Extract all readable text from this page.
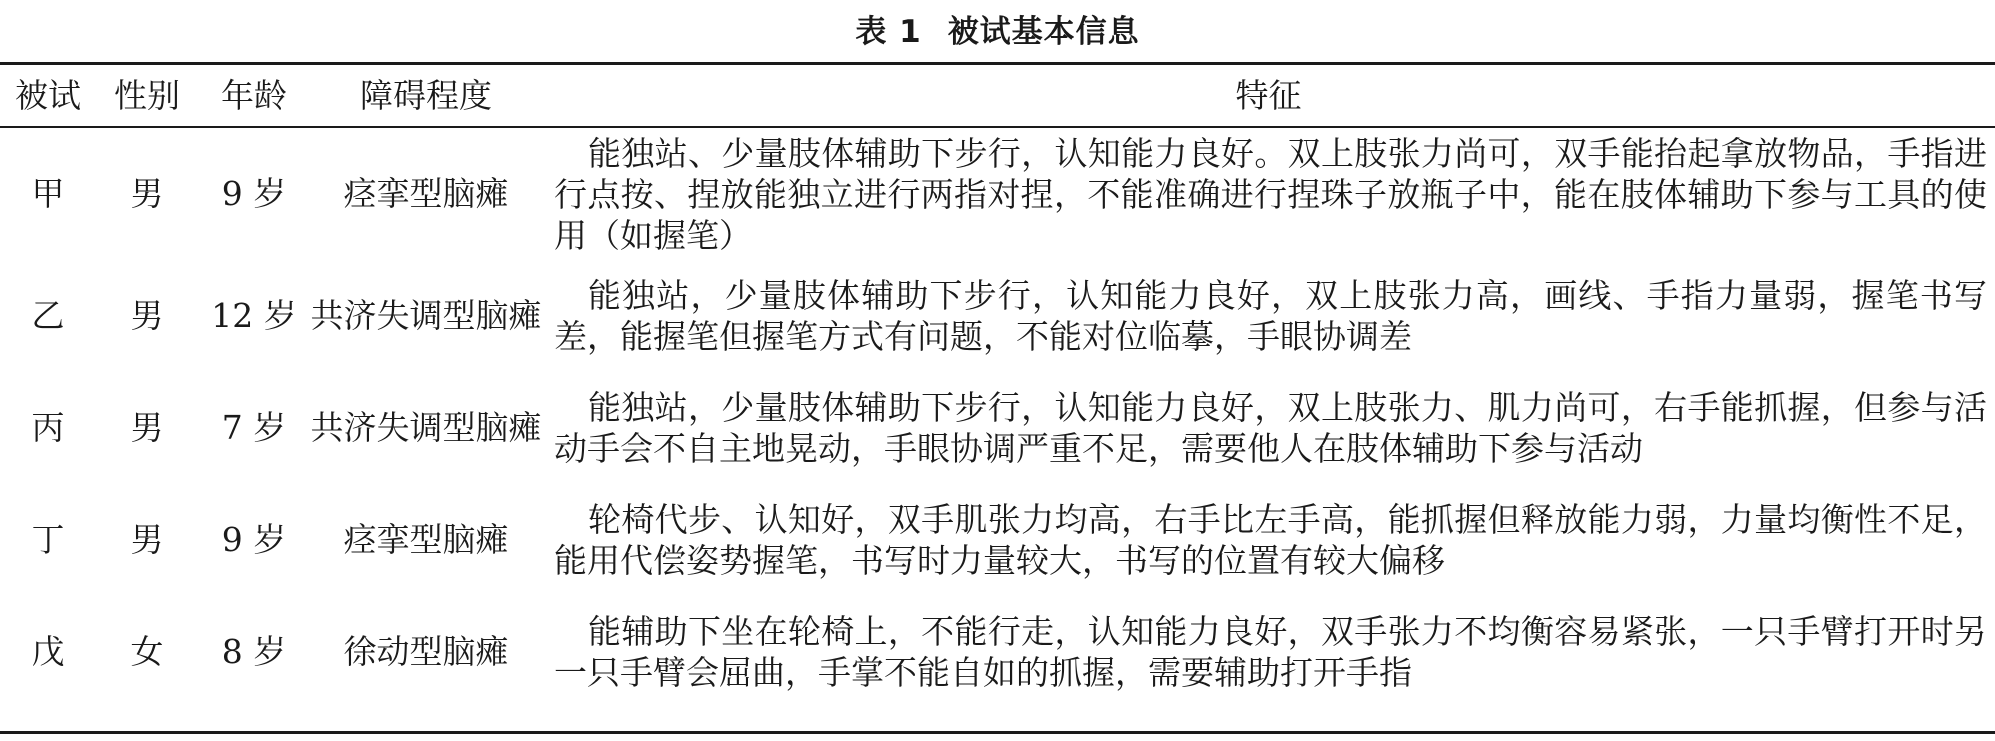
表 1 被试基本信息
被试	性别	年龄	障碍程度	特征
甲	男	9 岁	痉挛型脑瘫	能独站、少量肢体辅助下步行，认知能力良好。双上肢张力尚可，双手能抬起拿放物品，手指进行点按、捏放能独立进行两指对捏，不能准确进行捏珠子放瓶子中，能在肢体辅助下参与工具的使用（如握笔）
乙	男	12 岁	共济失调型脑瘫	能独站，少量肢体辅助下步行，认知能力良好，双上肢张力高，画线、手指力量弱，握笔书写差，能握笔但握笔方式有问题，不能对位临摹，手眼协调差
丙	男	7 岁	共济失调型脑瘫	能独站，少量肢体辅助下步行，认知能力良好，双上肢张力、肌力尚可，右手能抓握，但参与活动手会不自主地晃动，手眼协调严重不足，需要他人在肢体辅助下参与活动
丁	男	9 岁	痉挛型脑瘫	轮椅代步、认知好，双手肌张力均高，右手比左手高，能抓握但释放能力弱，力量均衡性不足，能用代偿姿势握笔，书写时力量较大，书写的位置有较大偏移
戊	女	8 岁	徐动型脑瘫	能辅助下坐在轮椅上，不能行走，认知能力良好，双手张力不均衡容易紧张，一只手臂打开时另一只手臂会屈曲，手掌不能自如的抓握，需要辅助打开手指
